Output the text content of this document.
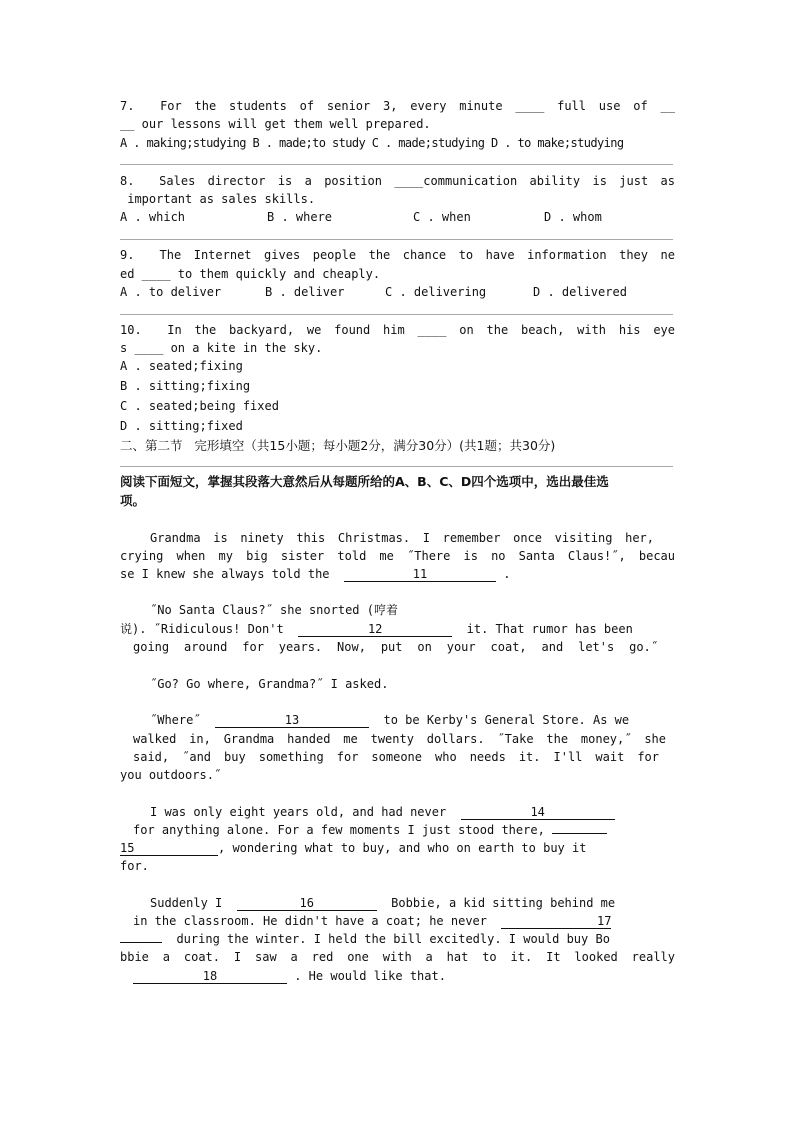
7.  For the students of senior 3, every minute ____ full use of __
__ our lessons will get them well prepared.
A . making;studying B . made;to study C . made;studying D . to make;studying
8.  Sales director is a position ____communication ability is just as
important as sales skills.
A . which	B . where	C . when	D . whom
9.  The Internet gives people the chance to have information they ne
ed ____ to them quickly and cheaply.
A . to deliver	B . deliver	C . delivering	D . delivered
10.  In the backyard, we found him ____ on the beach, with his eye
s ____ on a kite in the sky.
A . seated;fixing
B . sitting;fixing
C . seated;being fixed
D . sitting;fixed
二、第二节   完形填空（共15小题；每小题2分，满分30分）(共1题；共30分)
阅读下面短文，掌握其段落大意然后从每题所给的A、B、C、D四个选项中，选出最佳选
项。
Grandma is ninety this Christmas. I remember once visiting her,
crying when my big sister told me ˝There is no Santa Claus!˝, becau
se I knew she always told the	11	.
˝No Santa Claus?˝ she snorted (哼着
说). ˝Ridiculous! Don't	12	it. That rumor has been
going around for years. Now, put on your coat, and let's go.˝
˝Go? Go where, Grandma?˝ I asked.
˝Where˝	13	to be Kerby's General Store. As we
walked in, Grandma handed me twenty dollars. ˝Take the money,˝ she
said, ˝and buy something for someone who needs it. I'll wait for
you outdoors.˝
I was only eight years old, and had never	14
for anything alone. For a few moments I just stood there,
15	, wondering what to buy, and who on earth to buy it
for.
Suddenly I	16	Bobbie, a kid sitting behind me
in the classroom. He didn't have a coat; he never	17
during the winter. I held the bill excitedly. I would buy Bo
bbie a coat. I saw a red one with a hat to it. It looked really
18	. He would like that.
